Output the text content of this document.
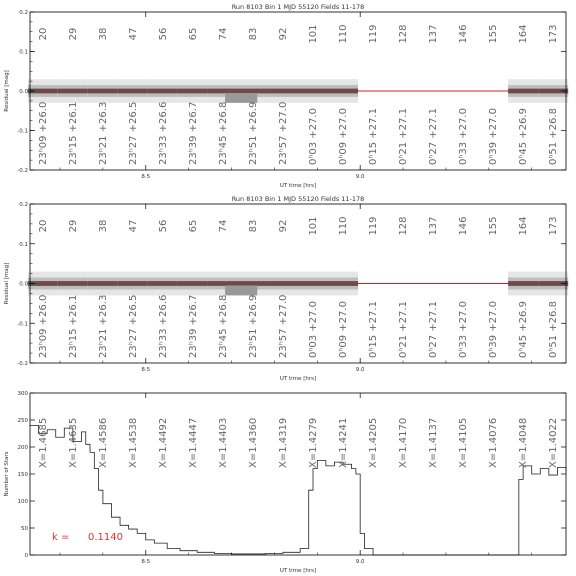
Run 8103 Bin 1 MJD 55120 Fields 11-178
-0.2
-0.1
0.0
0.1
0.2
8.5	9.0
UT time [hrs]
Residual [mag]
20 29 38 47 56 65 74 83 92 101 110 119 128 137 146 155 164 173
23ʰ09 +26.0 23ʰ15 +26.1 23ʰ21 +26.3 23ʰ27 +26.5 23ʰ33 +26.6 23ʰ39 +26.7 23ʰ45 +26.8 23ʰ51 +26.9 23ʰ57 +27.0 0ʰ03 +27.0 0ʰ09 +27.0 0ʰ15 +27.1 0ʰ21 +27.1 0ʰ27 +27.1 0ʰ33 +27.0 0ʰ39 +27.0 0ʰ45 +26.9 0ʰ51 +26.8
Run 8103 Bin 1 MJD 55120 Fields 11-178
-0.2
-0.1
0.0
0.1
0.2
8.5	9.0
UT time [hrs]
Residual [mag]
20 29 38 47 56 65 74 83 92 101 110 119 128 137 146 155 164 173
23ʰ09 +26.0 23ʰ15 +26.1 23ʰ21 +26.3 23ʰ27 +26.5 23ʰ33 +26.6 23ʰ39 +26.7 23ʰ45 +26.8 23ʰ51 +26.9 23ʰ57 +27.0 0ʰ03 +27.0 0ʰ09 +27.0 0ʰ15 +27.1 0ʰ21 +27.1 0ʰ27 +27.1 0ʰ33 +27.0 0ʰ39 +27.0 0ʰ45 +26.9 0ʰ51 +26.8
0
50
100
150
200
250
300
8.5	9.0
UT time [hrs]
Number of Stars
X=1.4685 X=1.4635 X=1.4586 X=1.4538 X=1.4492 X=1.4447 X=1.4403 X=1.4360 X=1.4319 X=1.4279 X=1.4241 X=1.4205 X=1.4170 X=1.4137 X=1.4105 X=1.4076 X=1.4048 X=1.4022
k = 0.1140
